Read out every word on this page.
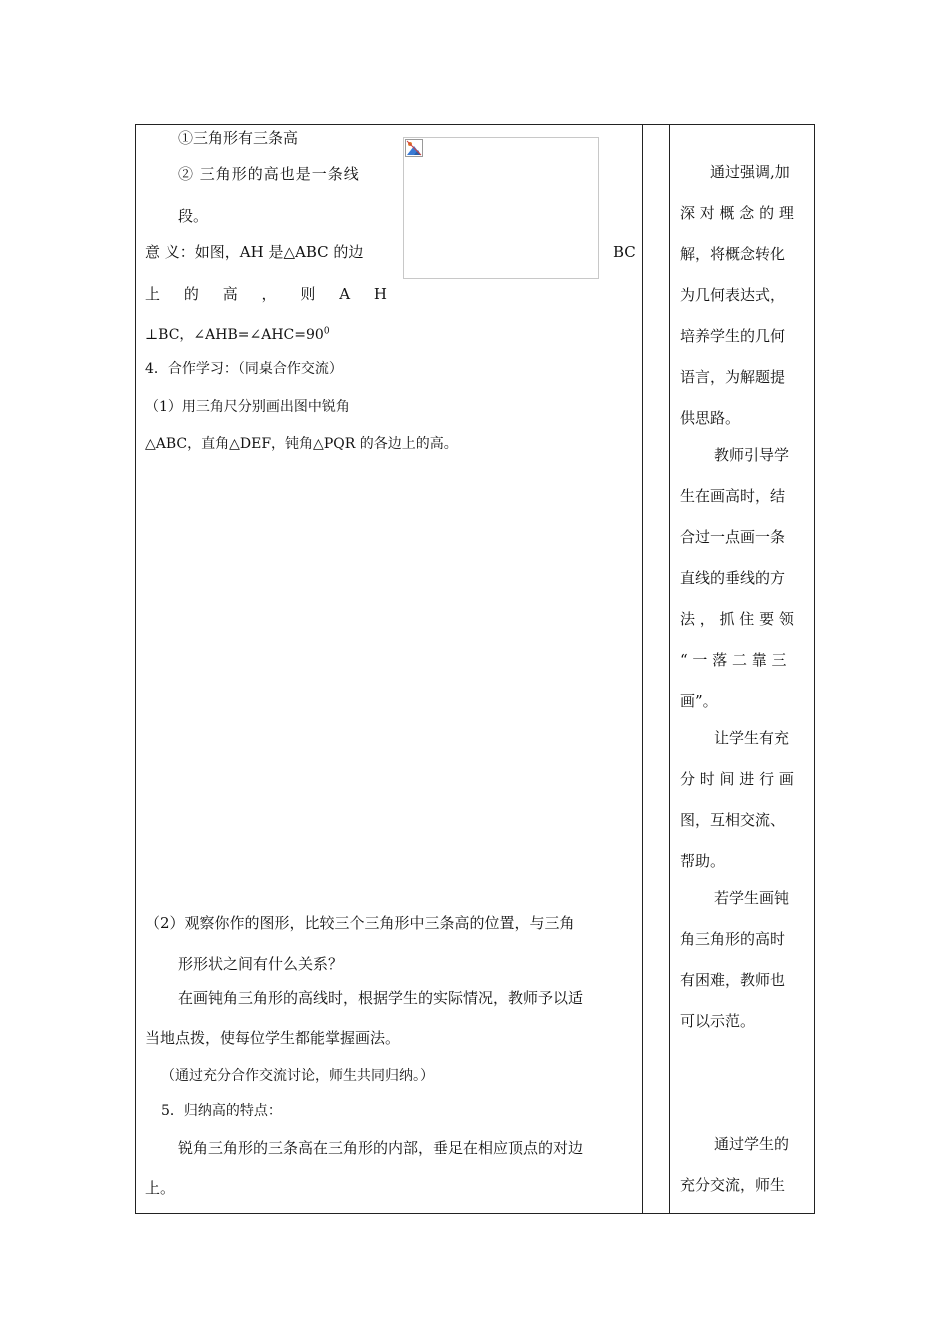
①三角形有三条高
② 三角形的高也是一条线
段。
意 义：如图，AH 是△ABC 的边	BC
上 的 高 ， 则 A H
⊥BC，$\angle AHB=\angle AHC=90^0$
4．合作学习：（同桌合作交流）
（1）用三角尺分别画出图中锐角
△ABC，直角△DEF，钝角△PQR 的各边上的高。
（2）观察你作的图形，比较三个三角形中三条高的位置，与三角
形形状之间有什么关系？
在画钝角三角形的高线时，根据学生的实际情况，教师予以适
当地点拨，使每位学生都能掌握画法。
（通过充分合作交流讨论，师生共同归纳。）
5．归纳高的特点：
锐角三角形的三条高在三角形的内部，垂足在相应顶点的对边
上。
通过强调,加
深 对 概 念 的 理
解，将概念转化
为几何表达式，
培养学生的几何
语言，为解题提
供思路。
教师引导学
生在画高时，结
合过一点画一条
直线的垂线的方
法 ， 抓 住 要 领
“ 一 落 二 靠 三
画”。
让学生有充
分 时 间 进 行 画
图，互相交流、
帮助。
若学生画钝
角三角形的高时
有困难，教师也
可以示范。
通过学生的
充分交流，师生
